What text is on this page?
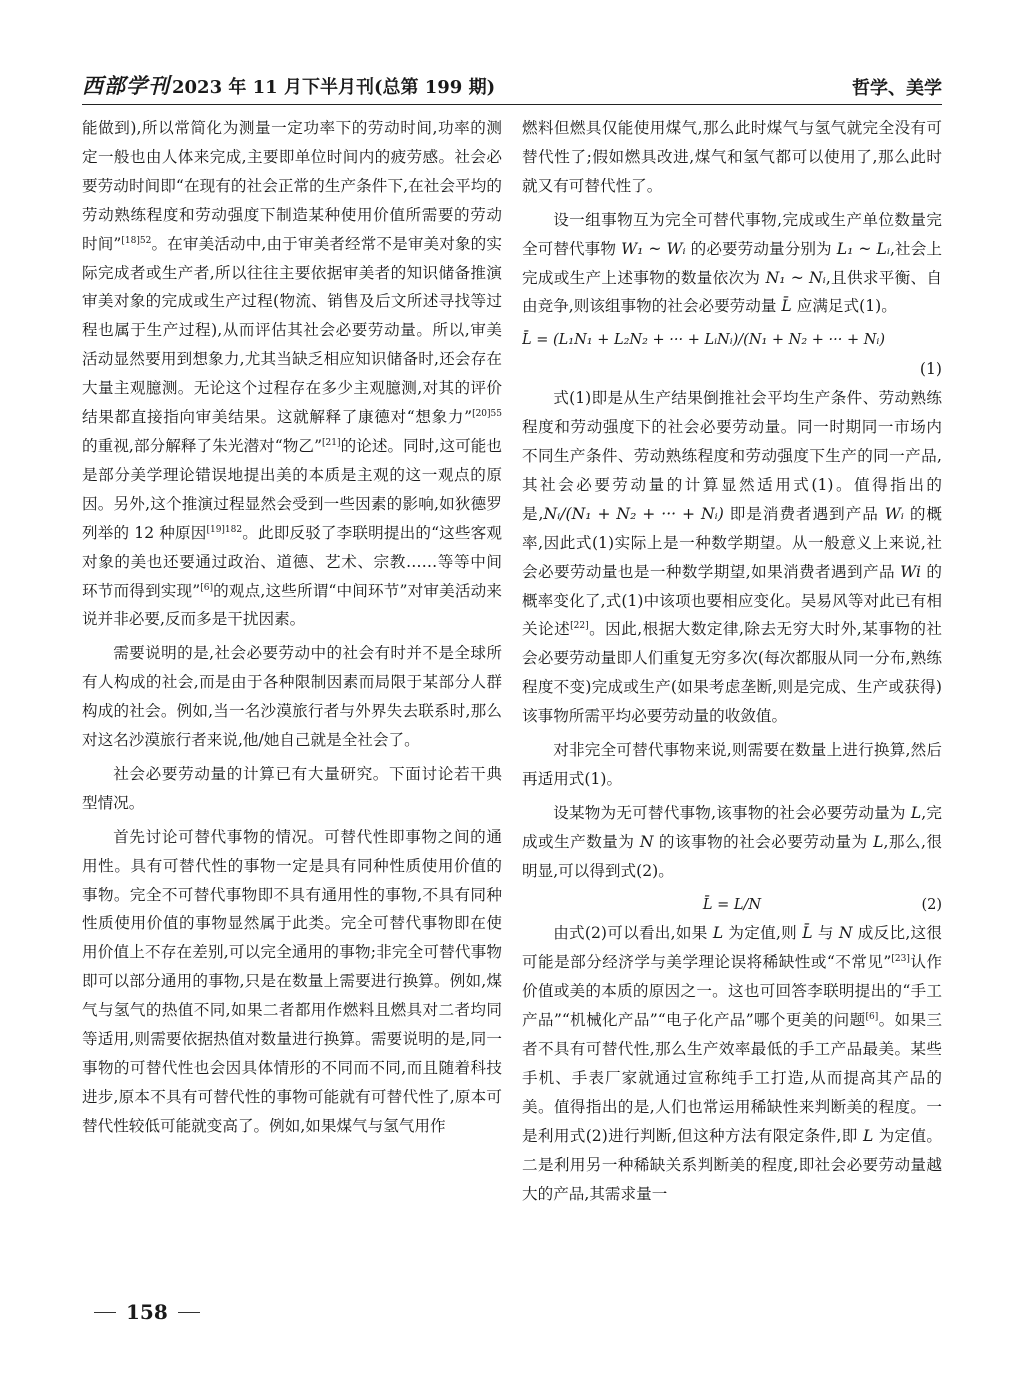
西部学刊 2023 年 11 月下半月刊(总第 199 期)	哲学、美学

能做到),所以常简化为测量一定功率下的劳动时间,功率的测定一般也由人体来完成,主要即单位时间内的疲劳感。社会必要劳动时间即“在现有的社会正常的生产条件下,在社会平均的劳动熟练程度和劳动强度下制造某种使用价值所需要的劳动时间”$^{[18]52}$。在审美活动中,由于审美者经常不是审美对象的实际完成者或生产者,所以往往主要依据审美者的知识储备推演审美对象的完成或生产过程(物流、销售及后文所述寻找等过程也属于生产过程),从而评估其社会必要劳动量。所以,审美活动显然要用到想象力,尤其当缺乏相应知识储备时,还会存在大量主观臆测。无论这个过程存在多少主观臆测,对其的评价结果都直接指向审美结果。这就解释了康德对“想象力”$^{[20]55}$的重视,部分解释了朱光潜对“物乙”[21]的论述。同时,这可能也是部分美学理论错误地提出美的本质是主观的这一观点的原因。另外,这个推演过程显然会受到一些因素的影响,如狄德罗列举的 12 种原因$^{[19]182}$。此即反驳了李联明提出的“这些客观对象的美也还要通过政治、道德、艺术、宗教……等等中间环节而得到实现”[6]的观点,这些所谓“中间环节”对审美活动来说并非必要,反而多是干扰因素。

需要说明的是,社会必要劳动中的社会有时并不是全球所有人构成的社会,而是由于各种限制因素而局限于某部分人群构成的社会。例如,当一名沙漠旅行者与外界失去联系时,那么对这名沙漠旅行者来说,他/她自己就是全社会了。

社会必要劳动量的计算已有大量研究。下面讨论若干典型情况。

首先讨论可替代事物的情况。可替代性即事物之间的通用性。具有可替代性的事物一定是具有同种性质使用价值的事物。完全不可替代事物即不具有通用性的事物,不具有同种性质使用价值的事物显然属于此类。完全可替代事物即在使用价值上不存在差别,可以完全通用的事物;非完全可替代事物即可以部分通用的事物,只是在数量上需要进行换算。例如,煤气与氢气的热值不同,如果二者都用作燃料且燃具对二者均同等适用,则需要依据热值对数量进行换算。需要说明的是,同一事物的可替代性也会因具体情形的不同而不同,而且随着科技进步,原本不具有可替代性的事物可能就有可替代性了,原本可替代性较低可能就变高了。例如,如果煤气与氢气用作

燃料但燃具仅能使用煤气,那么此时煤气与氢气就完全没有可替代性了;假如燃具改进,煤气和氢气都可以使用了,那么此时就又有可替代性了。

设一组事物互为完全可替代事物,完成或生产单位数量完全可替代事物 W₁ ~ Wᵢ 的必要劳动量分别为 L₁ ~ Lᵢ,社会上完成或生产上述事物的数量依次为 N₁ ~ Nᵢ,且供求平衡、自由竞争,则该组事物的社会必要劳动量 L̄ 应满足式(1)。

L̄ = (L₁N₁ + L₂N₂ + ··· + LᵢNᵢ)/(N₁ + N₂ + ··· + Nᵢ)
(1)

式(1)即是从生产结果倒推社会平均生产条件、劳动熟练程度和劳动强度下的社会必要劳动量。同一时期同一市场内不同生产条件、劳动熟练程度和劳动强度下生产的同一产品,其社会必要劳动量的计算显然适用式(1)。值得指出的是,Nᵢ/(N₁ + N₂ + ··· + Nᵢ) 即是消费者遇到产品 Wᵢ 的概率,因此式(1)实际上是一种数学期望。从一般意义上来说,社会必要劳动量也是一种数学期望,如果消费者遇到产品 Wi 的概率变化了,式(1)中该项也要相应变化。吴易风等对此已有相关论述[22]。因此,根据大数定律,除去无穷大时外,某事物的社会必要劳动量即人们重复无穷多次(每次都服从同一分布,熟练程度不变)完成或生产(如果考虑垄断,则是完成、生产或获得)该事物所需平均必要劳动量的收敛值。

对非完全可替代事物来说,则需要在数量上进行换算,然后再适用式(1)。

设某物为无可替代事物,该事物的社会必要劳动量为 L,完成或生产数量为 N 的该事物的社会必要劳动量为 L,那么,很明显,可以得到式(2)。

L̄ = L/N	(2)

由式(2)可以看出,如果 L 为定值,则 L̄ 与 N 成反比,这很可能是部分经济学与美学理论误将稀缺性或“不常见”[23]认作价值或美的本质的原因之一。这也可回答李联明提出的“手工产品”“机械化产品”“电子化产品”哪个更美的问题[6]。如果三者不具有可替代性,那么生产效率最低的手工产品最美。某些手机、手表厂家就通过宣称纯手工打造,从而提高其产品的美。值得指出的是,人们也常运用稀缺性来判断美的程度。一是利用式(2)进行判断,但这种方法有限定条件,即 L 为定值。二是利用另一种稀缺关系判断美的程度,即社会必要劳动量越大的产品,其需求量一

158
